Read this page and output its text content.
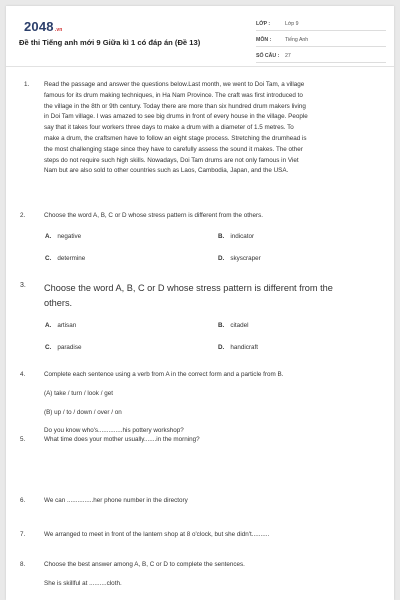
2048.vn
Đề thi Tiếng anh mới 9 Giữa kì 1 có đáp án (Đề 13)
LỚP :	Lớp 9
MÔN :	Tiếng Anh
SỐ CÂU :	27
1.	Read the passage and answer the questions below.Last month, we went to Doi Tam, a village
famous for its drum making techniques, in Ha Nam Province. The craft was first introduced to
the village in the 8th or 9th century. Today there are more than six hundred drum makers living
in Doi Tam village. I was amazed to see big drums in front of every house in the village. People
say that it takes four workers three days to make a drum with a diameter of 1.5 metres. To
make a drum, the craftsmen have to follow an eight stage process. Stretching the drumhead is
the most challenging stage since they have to carefully assess the sound it makes. The other
steps do not require such high skills. Nowadays, Doi Tam drums are not only famous in Viet
Nam but are also sold to other countries such as Laos, Cambodia, Japan, and the USA.
2.	Choose the word A, B, C or D whose stress pattern is different from the others.
A. negative	B. indicator
C. determine	D. skyscraper
3.	Choose the word A, B, C or D whose stress pattern is different from the
others.
A. artisan	B. citadel
C. paradise	D. handicraft
4.	Complete each sentence using a verb from A in the correct form and a particle from B.
(A) take / turn / look / get
(B) up / to / down / over / on
Do you know who's..............his pottery workshop?
5.	What time does your mother usually.......in the morning?
6.	We can ...............her phone number in the directory
7.	We arranged to meet in front of the lantern shop at 8 o'clock, but she didn't..........
8.	Choose the best answer among A, B, C or D to complete the sentences.
She is skillful at ..........cloth.
